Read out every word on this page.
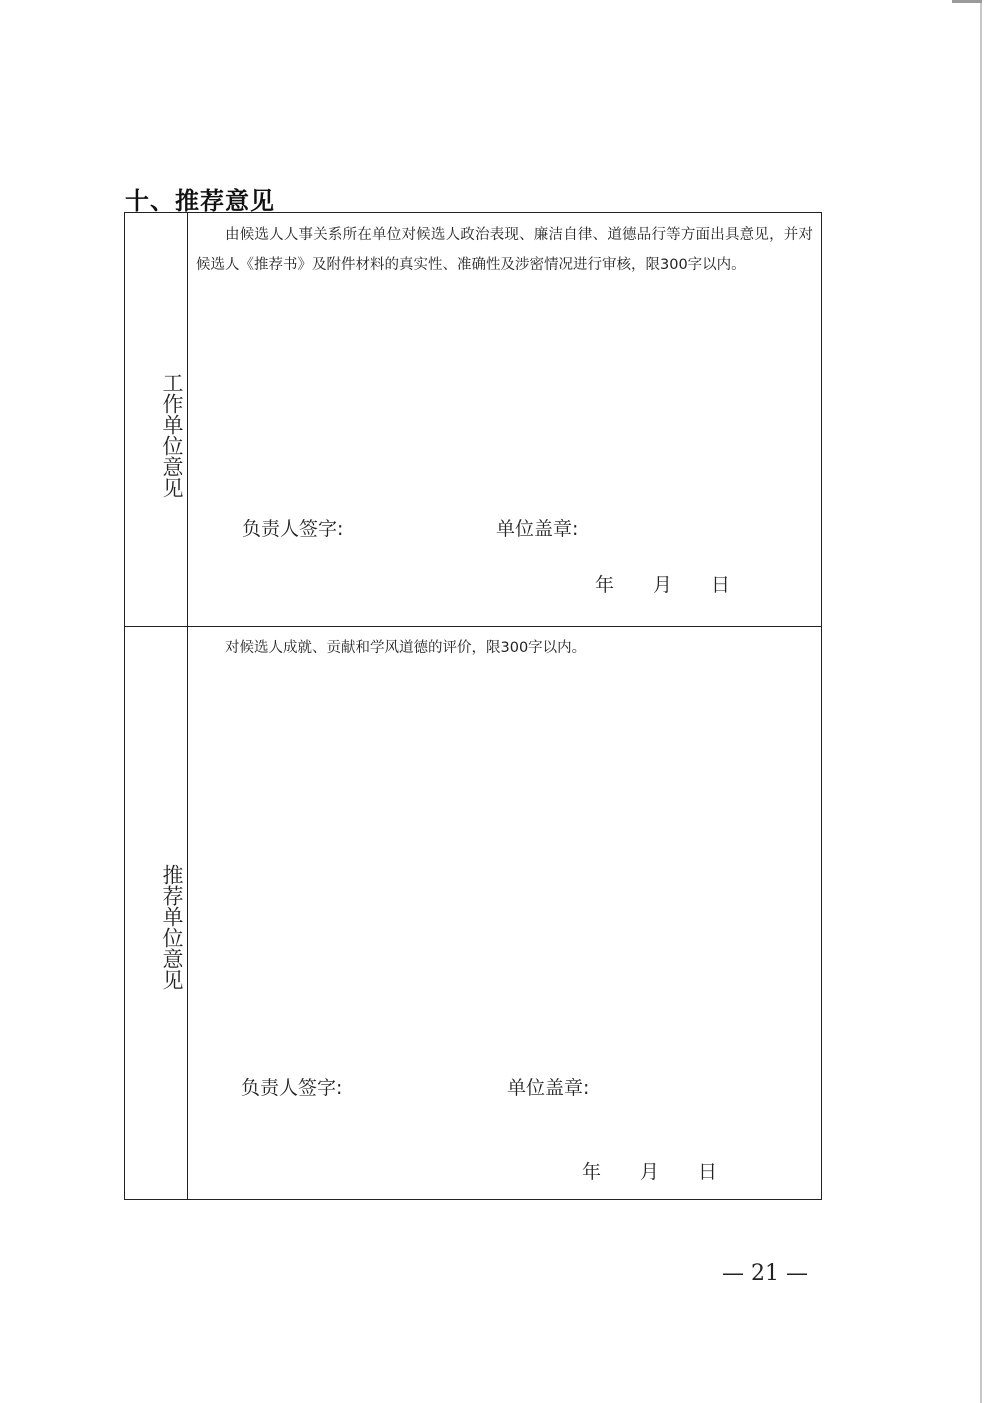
十、推荐意见
工作单位意见
由候选人人事关系所在单位对候选人政治表现、廉洁自律、道德品行等方面出具意见，并对候选人《推荐书》及附件材料的真实性、准确性及涉密情况进行审核，限300字以内。
负责人签字:	单位盖章:
年 月 日
推荐单位意见
对候选人成就、贡献和学风道德的评价，限300字以内。
负责人签字:	单位盖章:
年 月 日
— 21 —
